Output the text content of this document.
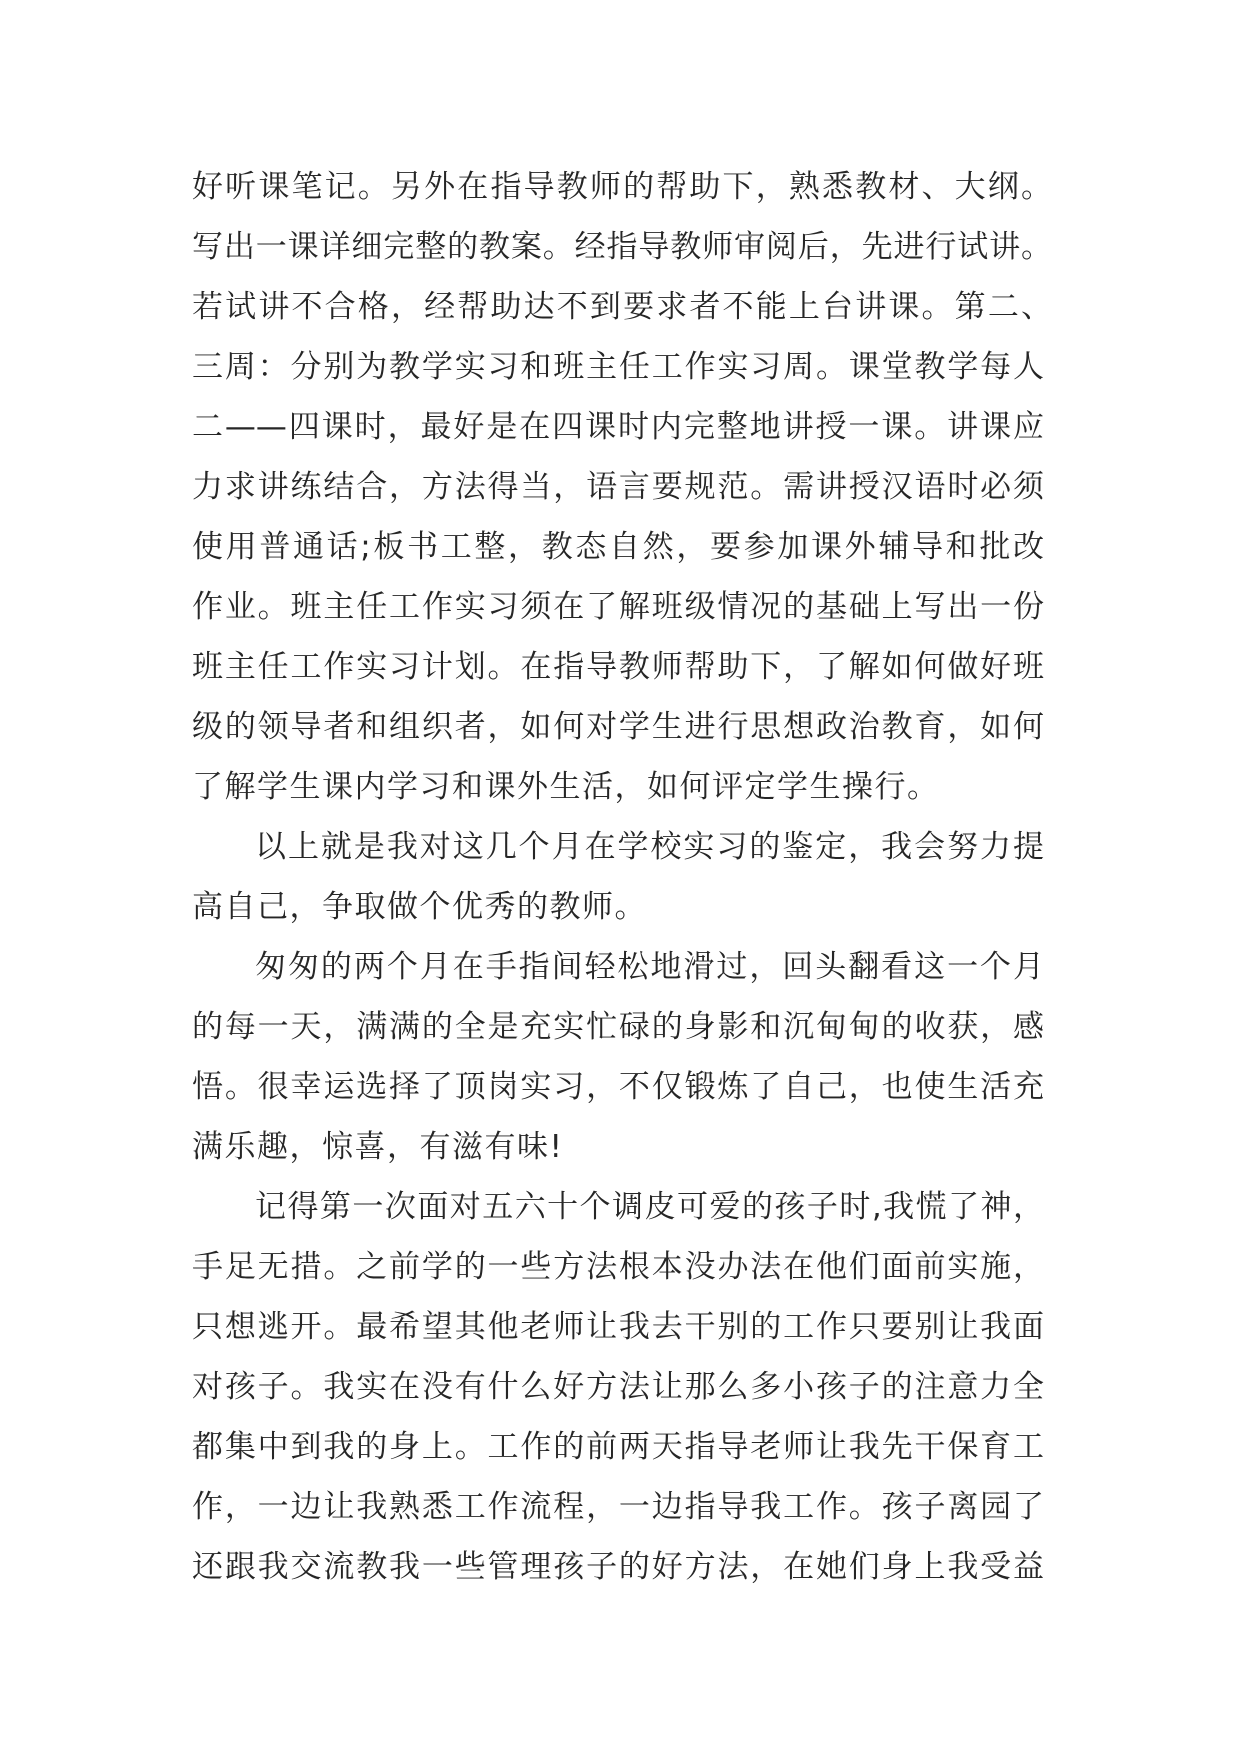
好听课笔记。另外在指导教师的帮助下，熟悉教材、大纲。
写出一课详细完整的教案。经指导教师审阅后，先进行试讲。
若试讲不合格，经帮助达不到要求者不能上台讲课。第二、
三周：分别为教学实习和班主任工作实习周。课堂教学每人
二——四课时，最好是在四课时内完整地讲授一课。讲课应
力求讲练结合，方法得当，语言要规范。需讲授汉语时必须
使用普通话;板书工整，教态自然，要参加课外辅导和批改
作业。班主任工作实习须在了解班级情况的基础上写出一份
班主任工作实习计划。在指导教师帮助下，了解如何做好班
级的领导者和组织者，如何对学生进行思想政治教育，如何
了解学生课内学习和课外生活，如何评定学生操行。
以上就是我对这几个月在学校实习的鉴定，我会努力提
高自己，争取做个优秀的教师。
匆匆的两个月在手指间轻松地滑过，回头翻看这一个月
的每一天，满满的全是充实忙碌的身影和沉甸甸的收获，感
悟。很幸运选择了顶岗实习，不仅锻炼了自己，也使生活充
满乐趣，惊喜，有滋有味!
记得第一次面对五六十个调皮可爱的孩子时,我慌了神，
手足无措。之前学的一些方法根本没办法在他们面前实施，
只想逃开。最希望其他老师让我去干别的工作只要别让我面
对孩子。我实在没有什么好方法让那么多小孩子的注意力全
都集中到我的身上。工作的前两天指导老师让我先干保育工
作，一边让我熟悉工作流程，一边指导我工作。孩子离园了
还跟我交流教我一些管理孩子的好方法，在她们身上我受益
